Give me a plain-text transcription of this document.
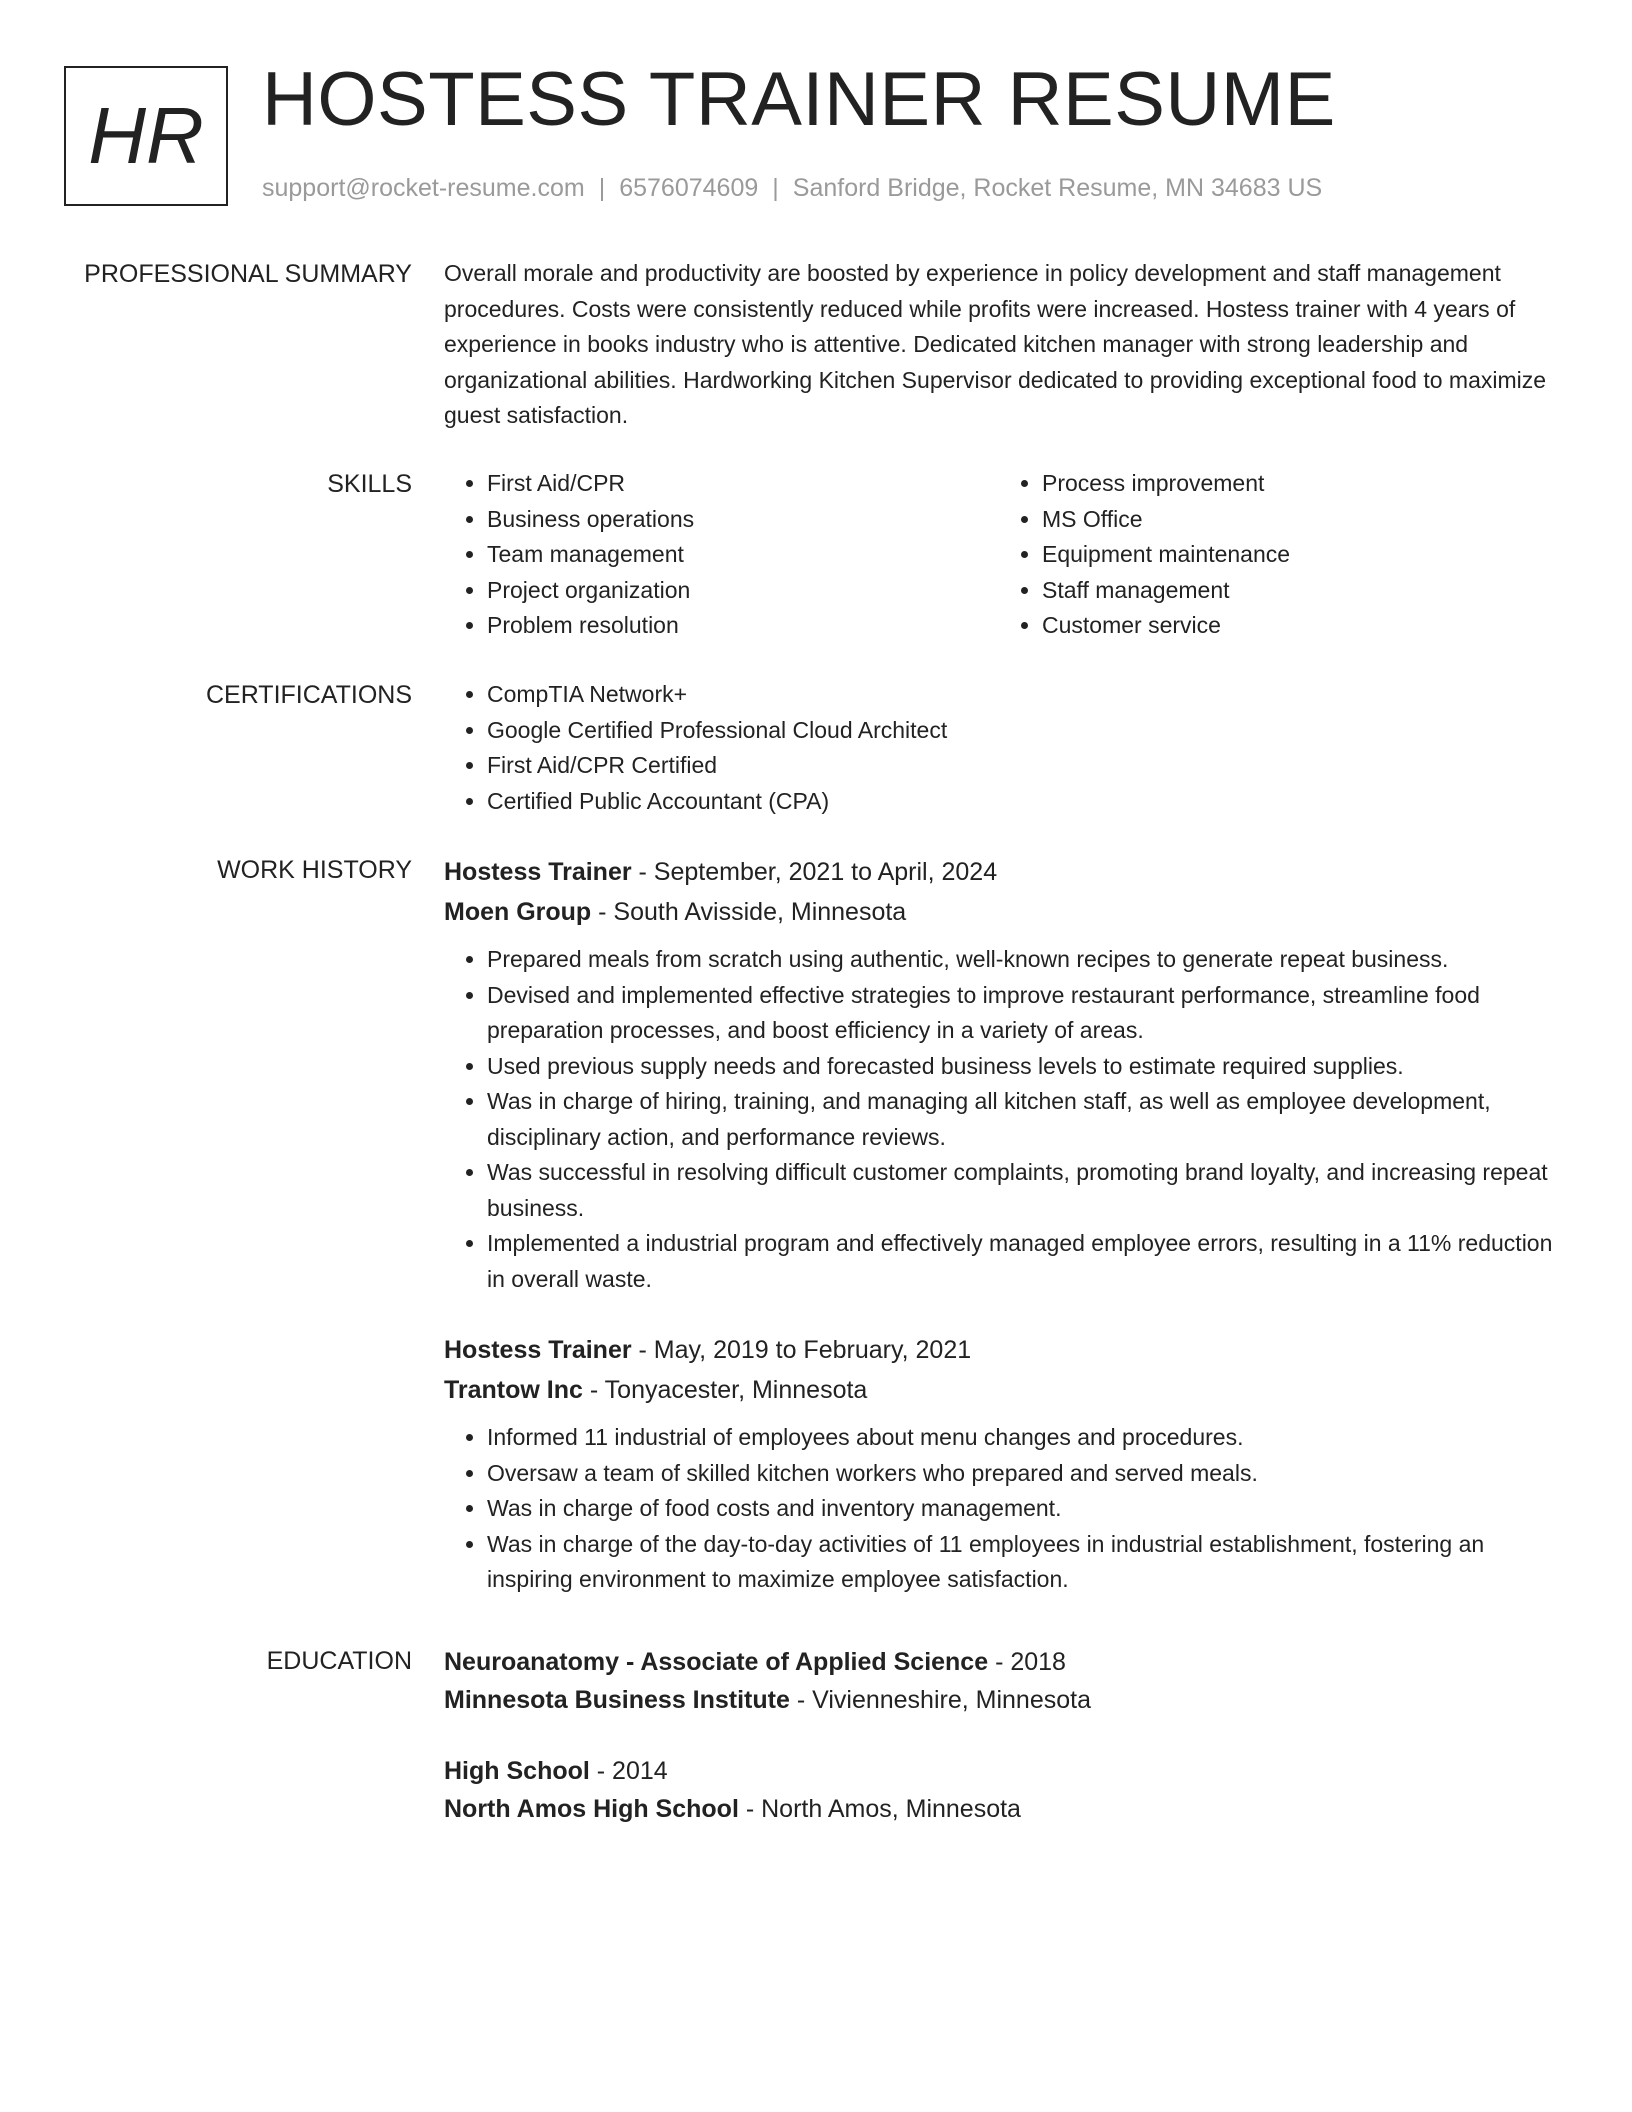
HR HOSTESS TRAINER RESUME
support@rocket-resume.com | 6576074609 | Sanford Bridge, Rocket Resume, MN 34683 US
PROFESSIONAL SUMMARY Overall morale and productivity are boosted by experience in policy development and staff management procedures. Costs were consistently reduced while profits were increased. Hostess trainer with 4 years of experience in books industry who is attentive. Dedicated kitchen manager with strong leadership and organizational abilities. Hardworking Kitchen Supervisor dedicated to providing exceptional food to maximize guest satisfaction.

SKILLS	• First Aid/CPR
• Business operations
• Team management
• Project organization
• Problem resolution
• Process improvement
• MS Office
• Equipment maintenance
• Staff management
• Customer service
CERTIFICATIONS	• CompTIA Network+
• Google Certified Professional Cloud Architect
• First Aid/CPR Certified
• Certified Public Accountant (CPA)
WORK HISTORY Hostess Trainer - September, 2021 to April, 2024
Moen Group - South Avisside, Minnesota
• Prepared meals from scratch using authentic, well-known recipes to generate repeat business.
• Devised and implemented effective strategies to improve restaurant performance, streamline food preparation processes, and boost efficiency in a variety of areas.
• Used previous supply needs and forecasted business levels to estimate required supplies.
• Was in charge of hiring, training, and managing all kitchen staff, as well as employee development, disciplinary action, and performance reviews.
• Was successful in resolving difficult customer complaints, promoting brand loyalty, and increasing repeat business.
• Implemented a industrial program and effectively managed employee errors, resulting in a 11% reduction in overall waste.
Hostess Trainer - May, 2019 to February, 2021
Trantow Inc - Tonyacester, Minnesota
• Informed 11 industrial of employees about menu changes and procedures.
• Oversaw a team of skilled kitchen workers who prepared and served meals.
• Was in charge of food costs and inventory management.
• Was in charge of the day-to-day activities of 11 employees in industrial establishment, fostering an inspiring environment to maximize employee satisfaction.
EDUCATION Neuroanatomy - Associate of Applied Science - 2018
Minnesota Business Institute - Vivienneshire, Minnesota
High School - 2014
North Amos High School - North Amos, Minnesota
